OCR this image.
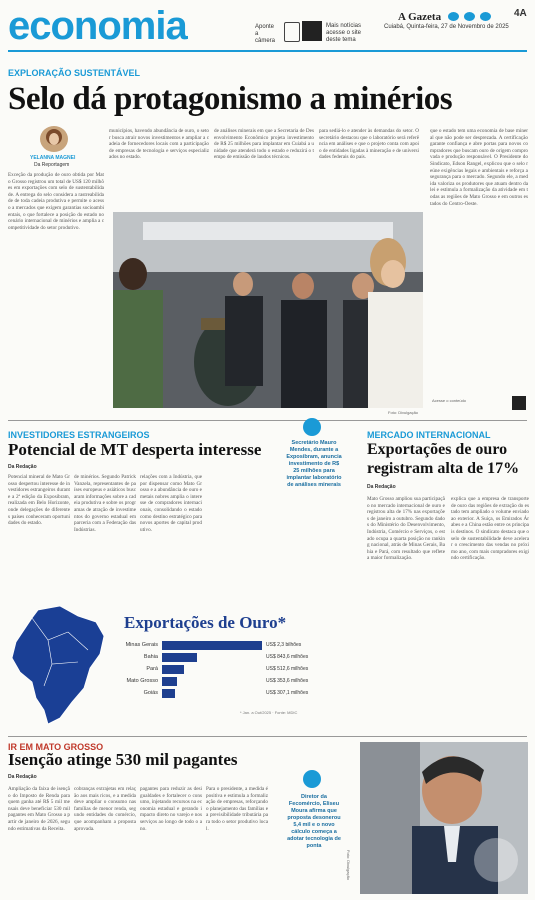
economia	Aponte a câmera
Mais notícias
acesse o site
deste tema
A Gazeta	4A
Cuiabá, Quinta-feira, 27 de Novembro de 2025
EXPLORAÇÃO SUSTENTÁVEL
Selo dá protagonismo a minérios
YELANNA MAGNEI
Da Reportagem
Exceção da produção de ouro obtida por Mato Grosso registrou um total de US$ 120 milhões em exportações com selo de sustentabilidade. A entrega do selo considera a rastreabilidade de toda cadeia produtiva e permite o acesso a mercados que exigem garantias socioambientais, o que fortalece a posição do estado no cenário internacional de minérios e amplia a competitividade do setor produtivo.
municípios, havendo abundância de ouro, o setor busca atrair novos investimentos e ampliar a cadeia de fornecedores locais com a participação de empresas de tecnologia e serviços especializados no estado.
de análises minerais em que a Secretaria de Desenvolvimento Econômico projeta investimento de R$ 25 milhões para implantar em Cuiabá a unidade que atenderá todo o estado e reduzirá o tempo de emissão de laudos técnicos.
para sediá-lo e atender às demandas do setor. O secretário destacou que o laboratório será referência em análises e que o projeto conta com apoio de entidades ligadas à mineração e de universidades federais do país.
que o estado tem uma economia de base mineral que não pode ser desprezada. A certificação garante confiança e abre portas para novos compradores que buscam ouro de origem comprovada e produção responsável. O Presidente do Sindicato, Edson Rangel, explicou que o selo reúne exigências legais e ambientais e reforça a segurança para o mercado. Segundo ele, a medida valoriza os produtores que atuam dentro da lei e estimula a formalização da atividade em todas as regiões de Mato Grosso e em outros estados do Centro-Oeste.
Foto: Divulgação
Acesse o conteúdo
INVESTIDORES ESTRANGEIROS
Potencial de MT desperta interesse
Da Redação
Potencial mineral de Mato Grosso despertou interesse de investidores estrangeiros durante a 2ª edição da Exposibram, realizada em Belo Horizonte, onde delegações de diferentes países conheceram oportunidades do estado.
de minérios. Segundo Patrick Vanzela, representantes de países europeus e asiáticos buscaram informações sobre a cadeia produtiva e sobre os programas de atração de investimentos do governo estadual em parceria com a Federação das Indústrias.
relações com a Indústria, que por dispensar como Mato Grosso e a abundância de ouro e metais nobres amplia o interesse de compradores internacionais, consolidando o estado como destino estratégico para novos aportes de capital produtivo.
Secretário Mauro Mendes, durante a Exposibram, anuncia investimento de R$ 25 milhões para implantar laboratório de análises minerais
MERCADO INTERNACIONAL
Exportações de ouro
registram alta de 17%
Da Redação
Mato Grosso ampliou sua participação no mercado internacional de ouro e registrou alta de 17% nas exportações de janeiro a outubro. Segundo dados do Ministério do Desenvolvimento, Indústria, Comércio e Serviços, o estado ocupa a quarta posição no ranking nacional, atrás de Minas Gerais, Bahia e Pará, com resultado que reflete a maior formalização.
explica que a empresa de transporte de ouro das regiões de extração do estado tem ampliado o volume enviado ao exterior. A Suíça, os Emirados Árabes e a China estão entre os principais destinos. O sindicato destaca que o selo de sustentabilidade deve acelerar o crescimento das vendas no próximo ano, com mais compradores exigindo certificação.
Exportações de Ouro*
Minas Gerais	US$ 2,3 bilhões
Bahia	US$ 843,6 milhões
Pará	US$ 512,6 milhões
Mato Grosso	US$ 353,6 milhões
Goiás	US$ 307,1 milhões
* Jan. a Out/2025 · Fonte: MDIC
IR EM MATO GROSSO
Isenção atinge 530 mil pagantes
Da Redação
Ampliação da faixa de isenção do Imposto de Renda para quem ganha até R$ 5 mil mensais deve beneficiar 530 mil pagantes em Mato Grosso a partir de janeiro de 2026, segundo estimativas da Receita.
cobranças extrajetas em relação aos mais ricos, e a medida deve ampliar o consumo nas famílias de menor renda, segundo entidades do comércio, que acompanham a proposta aprovada.
pagantes para reduzir as desigualdades e fortalecer o consumo, injetando recursos na economia estadual e gerando impacto direto no varejo e nos serviços ao longo de todo o ano.
Para o presidente, a medida é positiva e estimula a formalização de empresas, reforçando o planejamento das famílias e a previsibilidade tributária para todo o setor produtivo local.
Diretor da Fecomércio, Eliseu Moura afirma que proposta desonerou 5,4 mil e o novo cálculo começa a adotar tecnologia de ponta
Foto: Divulgação
